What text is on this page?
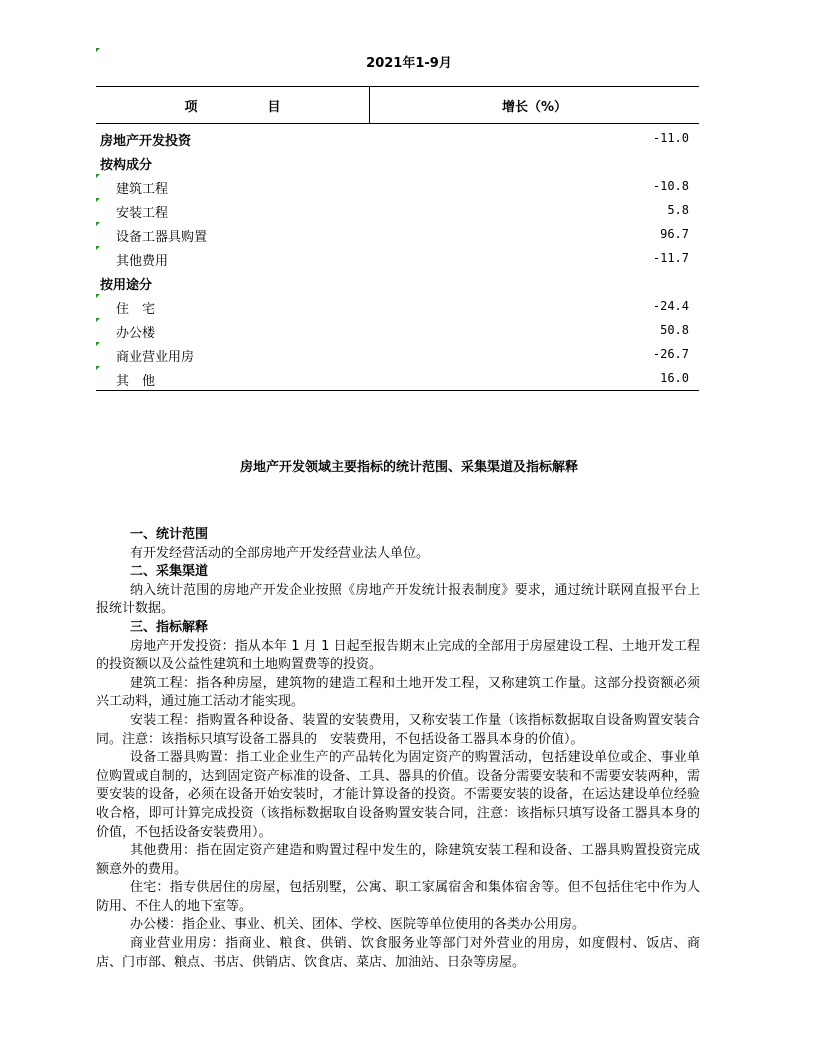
2021年1-9月
项目	增长（%）
房地产开发投资	-11.0
按构成分
建筑工程	-10.8
安装工程	5.8
设备工器具购置	96.7
其他费用	-11.7
按用途分
住　宅	-24.4
办公楼	50.8
商业营业用房	-26.7
其　他	16.0
房地产开发领域主要指标的统计范围、采集渠道及指标解释
一、统计范围

有开发经营活动的全部房地产开发经营业法人单位。

二、采集渠道

纳入统计范围的房地产开发企业按照《房地产开发统计报表制度》要求，通过统计联网直报平台上报统计数据。

三、指标解释

房地产开发投资：指从本年 1 月 1 日起至报告期末止完成的全部用于房屋建设工程、土地开发工程的投资额以及公益性建筑和土地购置费等的投资。

建筑工程：指各种房屋，建筑物的建造工程和土地开发工程，又称建筑工作量。这部分投资额必须兴工动料，通过施工活动才能实现。

安装工程：指购置各种设备、装置的安装费用，又称安装工作量（该指标数据取自设备购置安装合同。注意：该指标只填写设备工器具的　安装费用，不包括设备工器具本身的价值）。

设备工器具购置：指工业企业生产的产品转化为固定资产的购置活动，包括建设单位或企、事业单位购置或自制的，达到固定资产标准的设备、工具、器具的价值。设备分需要安装和不需要安装两种，需要安装的设备，必须在设备开始安装时，才能计算设备的投资。不需要安装的设备，在运达建设单位经验收合格，即可计算完成投资（该指标数据取自设备购置安装合同，注意：该指标只填写设备工器具本身的价值，不包括设备安装费用）。

其他费用：指在固定资产建造和购置过程中发生的，除建筑安装工程和设备、工器具购置投资完成额意外的费用。

住宅：指专供居住的房屋，包括别墅，公寓、职工家属宿舍和集体宿舍等。但不包括住宅中作为人防用、不住人的地下室等。

办公楼：指企业、事业、机关、团体、学校、医院等单位使用的各类办公用房。

商业营业用房：指商业、粮食、供销、饮食服务业等部门对外营业的用房，如度假村、饭店、商店、门市部、粮点、书店、供销店、饮食店、菜店、加油站、日杂等房屋。
